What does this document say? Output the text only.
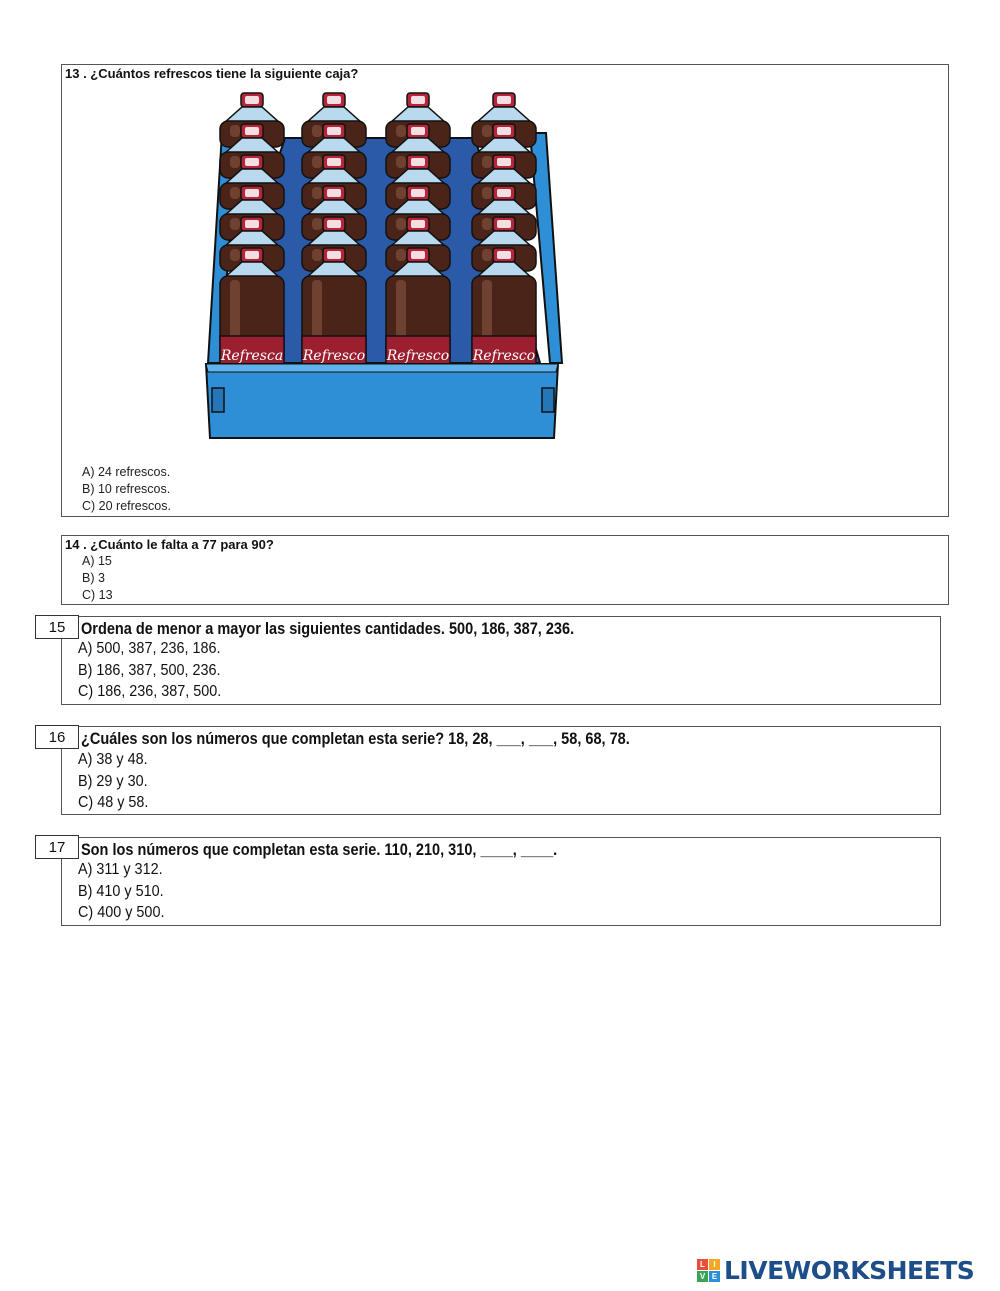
13 . ¿Cuántos refrescos tiene la siguiente caja?
Refresca Refresco Refresco Refresco
A) 24 refrescos.
B) 10 refrescos.
C) 20 refrescos.
14 . ¿Cuánto le falta a 77 para 90?
A) 15
B) 3
C) 13
15 Ordena de menor a mayor las siguientes cantidades. 500, 186, 387, 236.
A) 500, 387, 236, 186.
B) 186, 387, 500, 236.
C) 186, 236, 387, 500.
16 ¿Cuáles son los números que completan esta serie? 18, 28, ___, ___, 58, 68, 78.
A) 38 y 48.
B) 29 y 30.
C) 48 y 58.
17 Son los números que completan esta serie. 110, 210, 310, ____, ____.
A) 311 y 312.
B) 410 y 510.
C) 400 y 500.
L	I
V E LIVEWORKSHEETS
